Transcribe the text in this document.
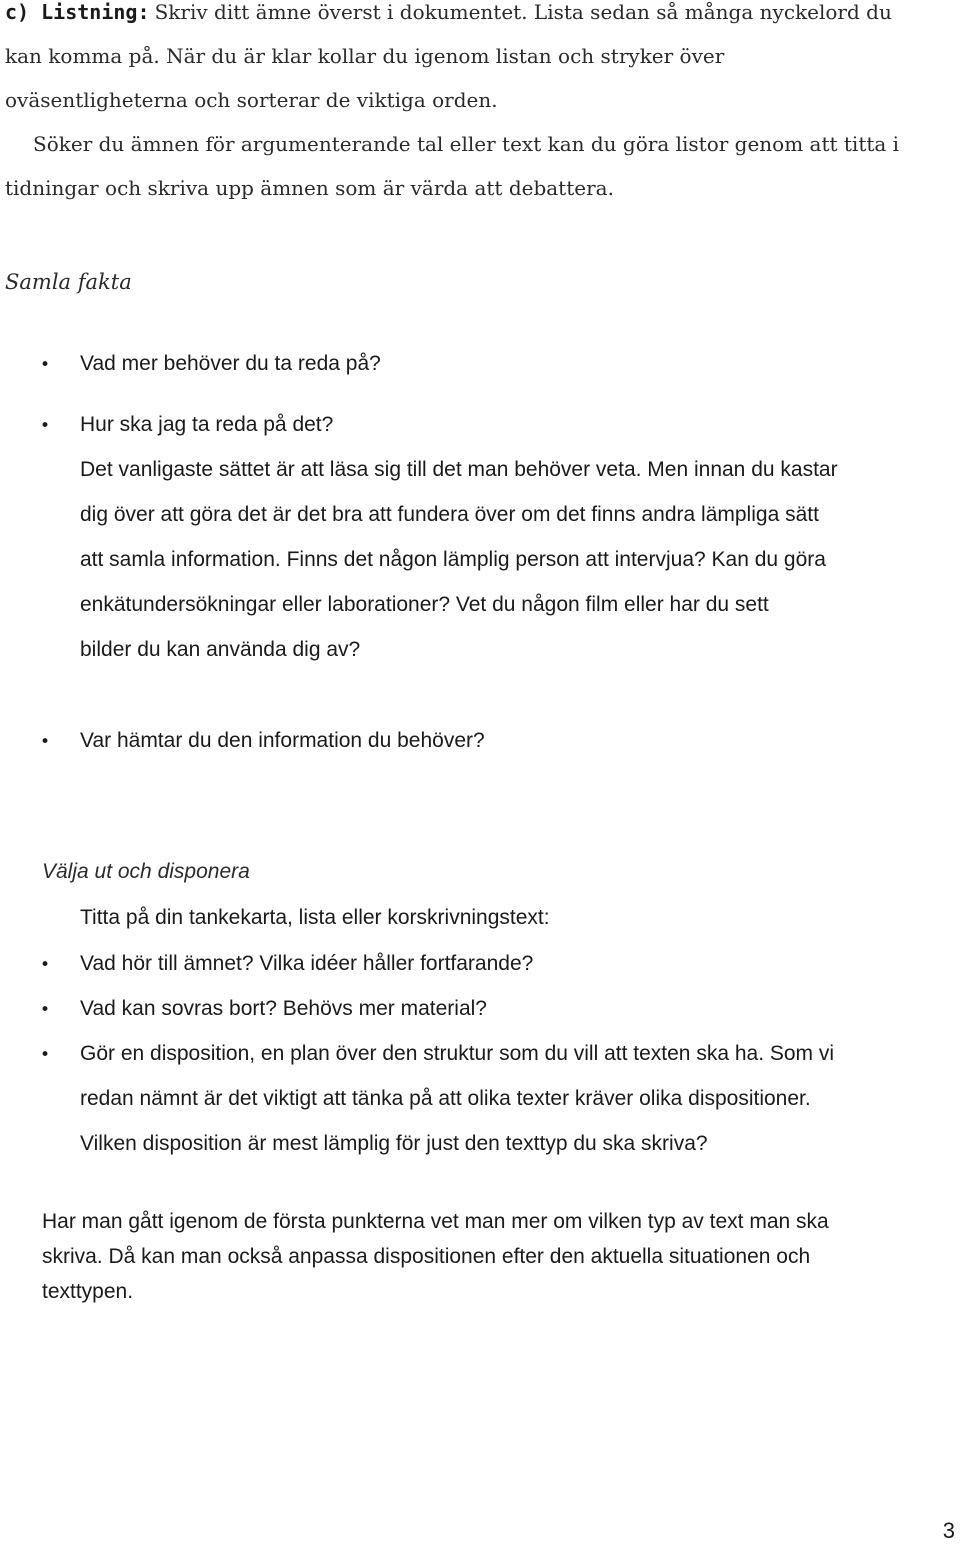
c) Listning: Skriv ditt ämne överst i dokumentet. Lista sedan så många nyckelord du
kan komma på. När du är klar kollar du igenom listan och stryker över
oväsentligheterna och sorterar de viktiga orden.
Söker du ämnen för argumenterande tal eller text kan du göra listor genom att titta i
tidningar och skriva upp ämnen som är värda att debattera.
Samla fakta
• Vad mer behöver du ta reda på?
• Hur ska jag ta reda på det?
Det vanligaste sättet är att läsa sig till det man behöver veta. Men innan du kastar
dig över att göra det är det bra att fundera över om det finns andra lämpliga sätt
att samla information. Finns det någon lämplig person att intervjua? Kan du göra
enkätundersökningar eller laborationer? Vet du någon film eller har du sett
bilder du kan använda dig av?
• Var hämtar du den information du behöver?
Välja ut och disponera
Titta på din tankekarta, lista eller korskrivningstext:
• Vad hör till ämnet? Vilka idéer håller fortfarande?
• Vad kan sovras bort? Behövs mer material?
• Gör en disposition, en plan över den struktur som du vill att texten ska ha. Som vi
redan nämnt är det viktigt att tänka på att olika texter kräver olika dispositioner.
Vilken disposition är mest lämplig för just den texttyp du ska skriva?
Har man gått igenom de första punkterna vet man mer om vilken typ av text man ska
skriva. Då kan man också anpassa dispositionen efter den aktuella situationen och
texttypen.
3
